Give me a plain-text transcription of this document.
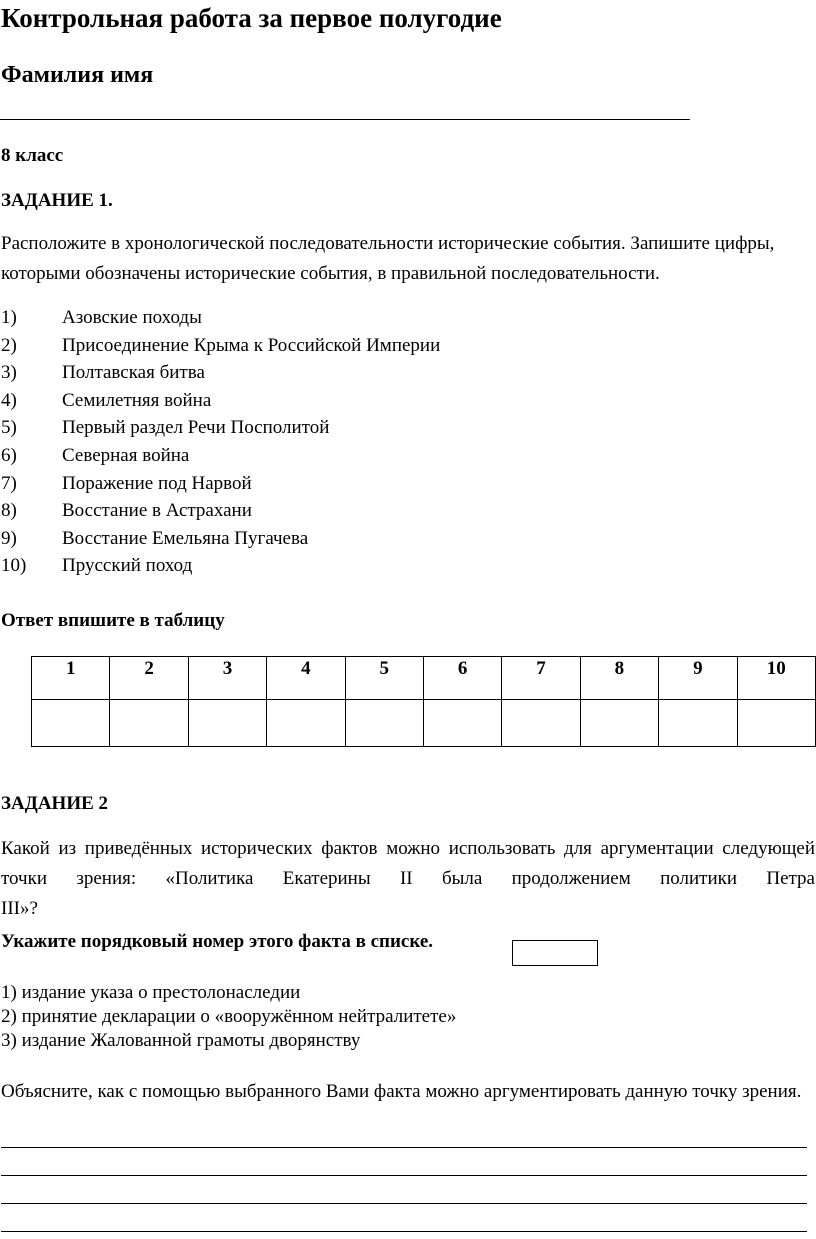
Контрольная работа за первое полугодие
Фамилия имя
8 класс
ЗАДАНИЕ 1.
Расположите в хронологической последовательности исторические события. Запишите цифры, которыми обозначены исторические события, в правильной последовательности.
1) Азовские походы
2) Присоединение Крыма к Российской Империи
3) Полтавская битва
4) Семилетняя война
5) Первый раздел Речи Посполитой
6) Северная война
7) Поражение под Нарвой
8) Восстание в Астрахани
9) Восстание Емельяна Пугачева
10) Прусский поход
Ответ впишите в таблицу
1	2	3	4	5	6	7	8	9	10

ЗАДАНИЕ 2
Какой из приведённых исторических фактов можно использовать для аргументации следующей точки зрения: «Политика Екатерины II была продолжением политики Петра
III»?
Укажите порядковый номер этого факта в списке.
1) издание указа о престолонаследии
2) принятие декларации о «вооружённом нейтралитете»
3) издание Жалованной грамоты дворянству
Объясните, как с помощью выбранного Вами факта можно аргументировать данную точку зрения.
